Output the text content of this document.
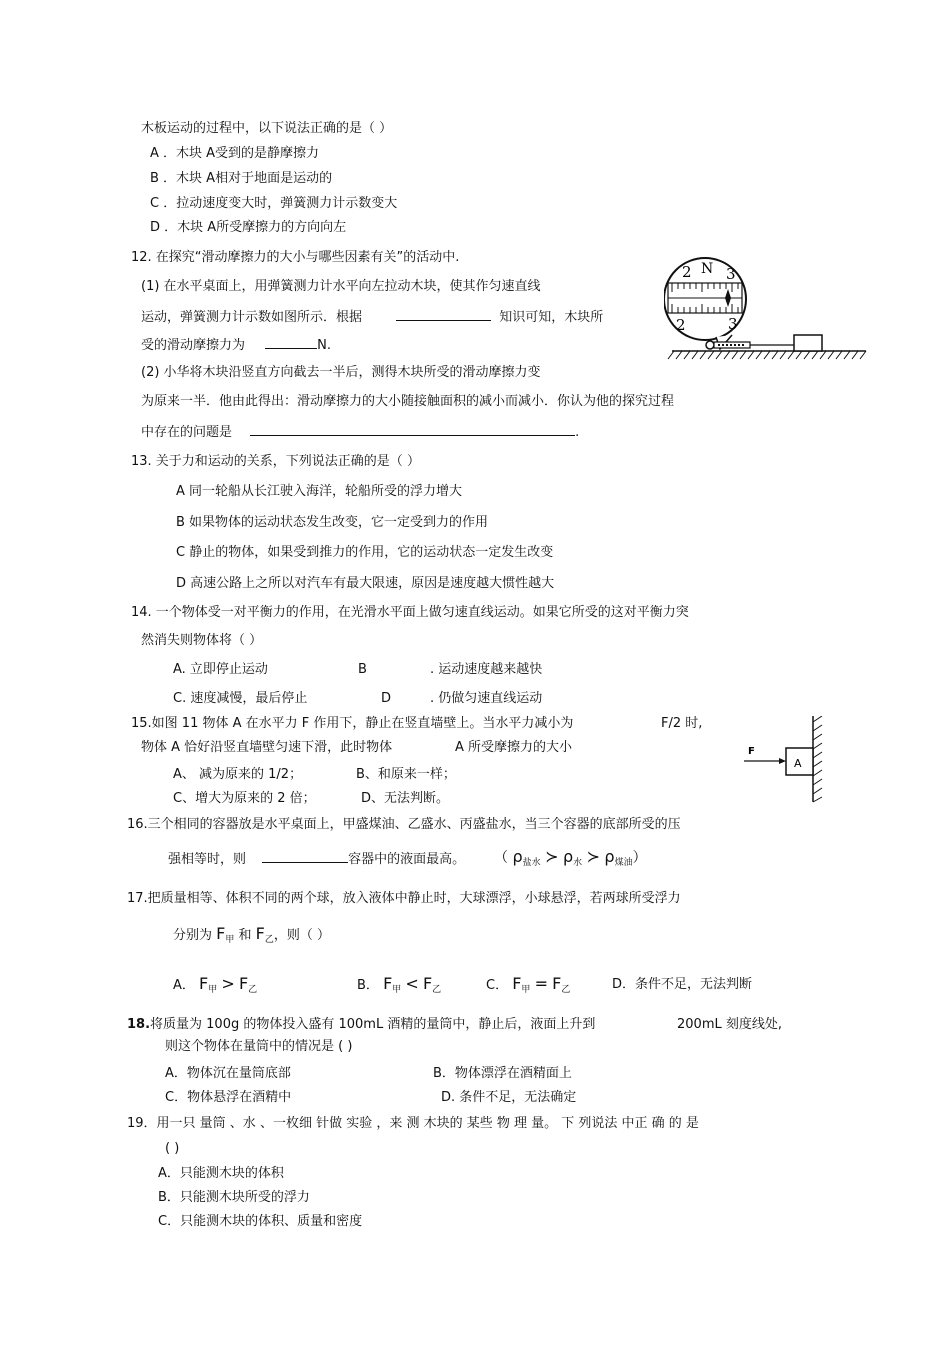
木板运动的过程中，以下说法正确的是（ ）
A ．木块 A受到的是静摩擦力
B ．木块 A相对于地面是运动的
C ．拉动速度变大时，弹簧测力计示数变大
D ．木块 A所受摩擦力的方向向左
12. 在探究“滑动摩擦力的大小与哪些因素有关”的活动中.
(1) 在水平桌面上，用弹簧测力计水平向左拉动木块，使其作匀速直线
运动，弹簧测力计示数如图所示．根据	知识可知，木块所
受的滑动摩擦力为	N.
(2) 小华将木块沿竖直方向截去一半后，测得木块所受的滑动摩擦力变
为原来一半．他由此得出：滑动摩擦力的大小随接触面积的减小而减小．你认为他的探究过程
中存在的问题是	.
2 N 3
2	3
13. 关于力和运动的关系，下列说法正确的是（ ）
A 同一轮船从长江驶入海洋，轮船所受的浮力增大
B 如果物体的运动状态发生改变，它一定受到力的作用
C 静止的物体，如果受到推力的作用，它的运动状态一定发生改变
D 高速公路上之所以对汽车有最大限速，原因是速度越大惯性越大
14. 一个物体受一对平衡力的作用，在光滑水平面上做匀速直线运动。如果它所受的这对平衡力突
然消失则物体将（ ）
A. 立即停止运动	B	. 运动速度越来越快
C. 速度减慢，最后停止	D	. 仍做匀速直线运动
15.如图 11 物体 A 在水平力 F 作用下，静止在竖直墙壁上。当水平力减小为	F/2 时,
物体 A 恰好沿竖直墙壁匀速下滑，此时物体	A 所受摩擦力的大小
A、 减为原来的 1/2；	B、和原来一样；
C、增大为原来的 2 倍；	D、无法判断。
A
F
16.三个相同的容器放是水平桌面上，甲盛煤油、乙盛水、丙盛盐水，当三个容器的底部所受的压
强相等时，则	容器中的液面最高。 （ $\rho_{盐水}$ ≻ $\rho_水$ ≻ $\rho_{煤油}$）
17.把质量相等、体积不同的两个球，放入液体中静止时，大球漂浮，小球悬浮，若两球所受浮力
分别为 $F_甲$ 和 $F_乙$，则（ ）
A． $F_甲 > F_乙$	B． $F_甲 < F_乙$	C． $F_甲 = F_乙$	D．条件不足，无法判断
18.将质量为 100g 的物体投入盛有 100mL 酒精的量筒中，静止后，液面上升到	200mL 刻度线处,
则这个物体在量筒中的情况是 ( )
A．物体沉在量筒底部	B．物体漂浮在酒精面上
C．物体悬浮在酒精中	D. 条件不足，无法确定
19．用一只 量筒 、水 、一枚细 针做 实验 ，来 测 木块的 某些 物 理 量。 下 列说法 中正 确 的 是
( )
A．只能测木块的体积
B．只能测木块所受的浮力
C．只能测木块的体积、质量和密度
